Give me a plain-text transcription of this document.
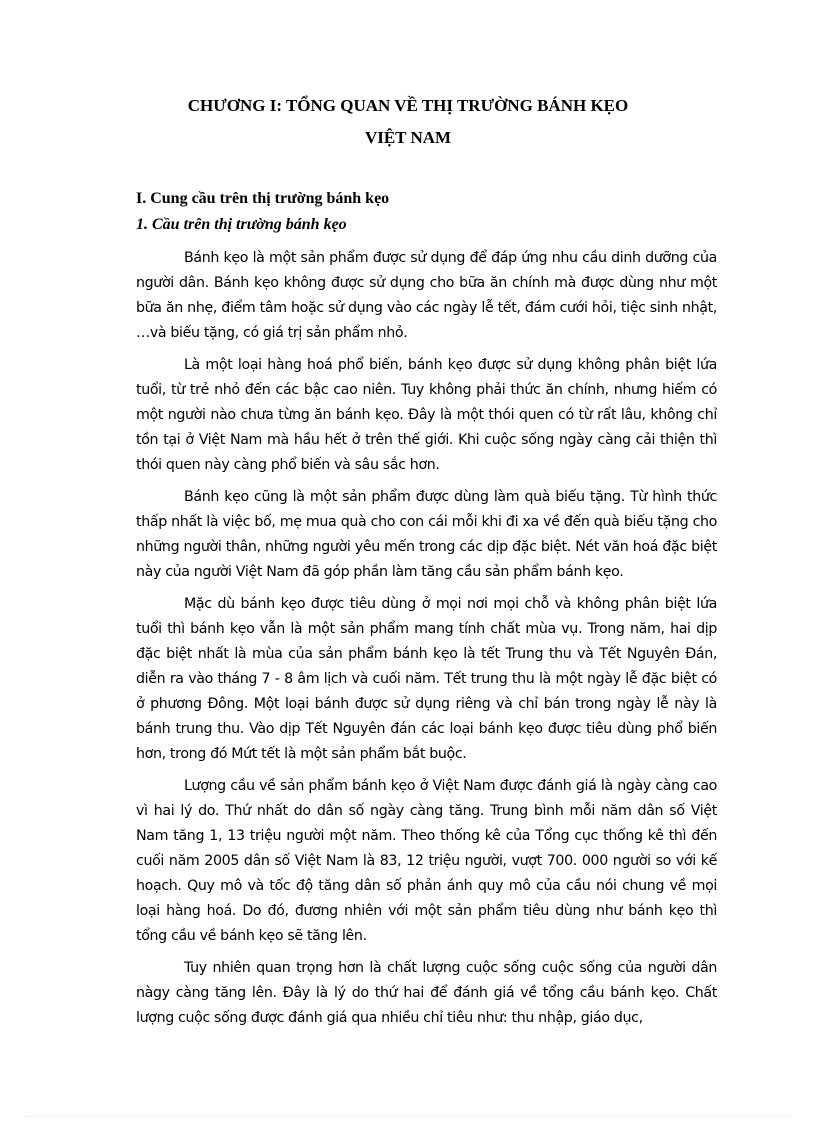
CHƯƠNG I: TỔNG QUAN VỀ THỊ TRƯỜNG BÁNH KẸO
VIỆT NAM
I. Cung cầu trên thị trường bánh kẹo
1. Cầu trên thị trường bánh kẹo

Bánh kẹo là một sản phẩm được sử dụng để đáp ứng nhu cầu dinh dưỡng của người dân. Bánh kẹo không được sử dụng cho bữa ăn chính mà được dùng như một bữa ăn nhẹ, điểm tâm hoặc sử dụng vào các ngày lễ tết, đám cưới hỏi, tiệc sinh nhật, …và biếu tặng, có giá trị sản phẩm nhỏ.

Là một loại hàng hoá phổ biến, bánh kẹo được sử dụng không phân biệt lứa tuổi, từ trẻ nhỏ đến các bậc cao niên. Tuy không phải thức ăn chính, nhưng hiếm có một người nào chưa từng ăn bánh kẹo. Đây là một thói quen có từ rất lâu, không chỉ tồn tại ở Việt Nam mà hầu hết ở trên thế giới. Khi cuộc sống ngày càng cải thiện thì thói quen này càng phổ biến và sâu sắc hơn.

Bánh kẹo cũng là một sản phẩm được dùng làm quà biếu tặng. Từ hình thức thấp nhất là việc bố, mẹ mua quà cho con cái mỗi khi đi xa về đến quà biếu tặng cho những người thân, những người yêu mến trong các dịp đặc biệt. Nét văn hoá đặc biệt này của người Việt Nam đã góp phần làm tăng cầu sản phẩm bánh kẹo.

Mặc dù bánh kẹo được tiêu dùng ở mọi nơi mọi chỗ và không phân biệt lứa tuổi thì bánh kẹo vẫn là một sản phẩm mang tính chất mùa vụ. Trong năm, hai dịp đặc biệt nhất là mùa của sản phẩm bánh kẹo là tết Trung thu và Tết Nguyên Đán, diễn ra vào tháng 7 - 8 âm lịch và cuối năm. Tết trung thu là một ngày lễ đặc biệt có ở phương Đông. Một loại bánh được sử dụng riêng và chỉ bán trong ngày lễ này là bánh trung thu. Vào dịp Tết Nguyên đán các loại bánh kẹo được tiêu dùng phổ biến hơn, trong đó Mứt tết là một sản phẩm bắt buộc.

Lượng cầu về sản phẩm bánh kẹo ở Việt Nam được đánh giá là ngày càng cao vì hai lý do. Thứ nhất do dân số ngày càng tăng. Trung bình mỗi năm dân số Việt Nam tăng 1, 13 triệu người một năm. Theo thống kê của Tổng cục thống kê thì đến cuối năm 2005 dân số Việt Nam là 83, 12 triệu người, vượt 700. 000 người so với kế hoạch. Quy mô và tốc độ tăng dân số phản ánh quy mô của cầu nói chung về mọi loại hàng hoá. Do đó, đương nhiên với một sản phẩm tiêu dùng như bánh kẹo thì tổng cầu về bánh kẹo sẽ tăng lên.

Tuy nhiên quan trọng hơn là chất lượng cuộc sống cuộc sống của người dân nàgy càng tăng lên. Đây là lý do thứ hai để đánh giá về tổng cầu bánh kẹo. Chất lượng cuộc sống được đánh giá qua nhiều chỉ tiêu như: thu nhập, giáo dục,
